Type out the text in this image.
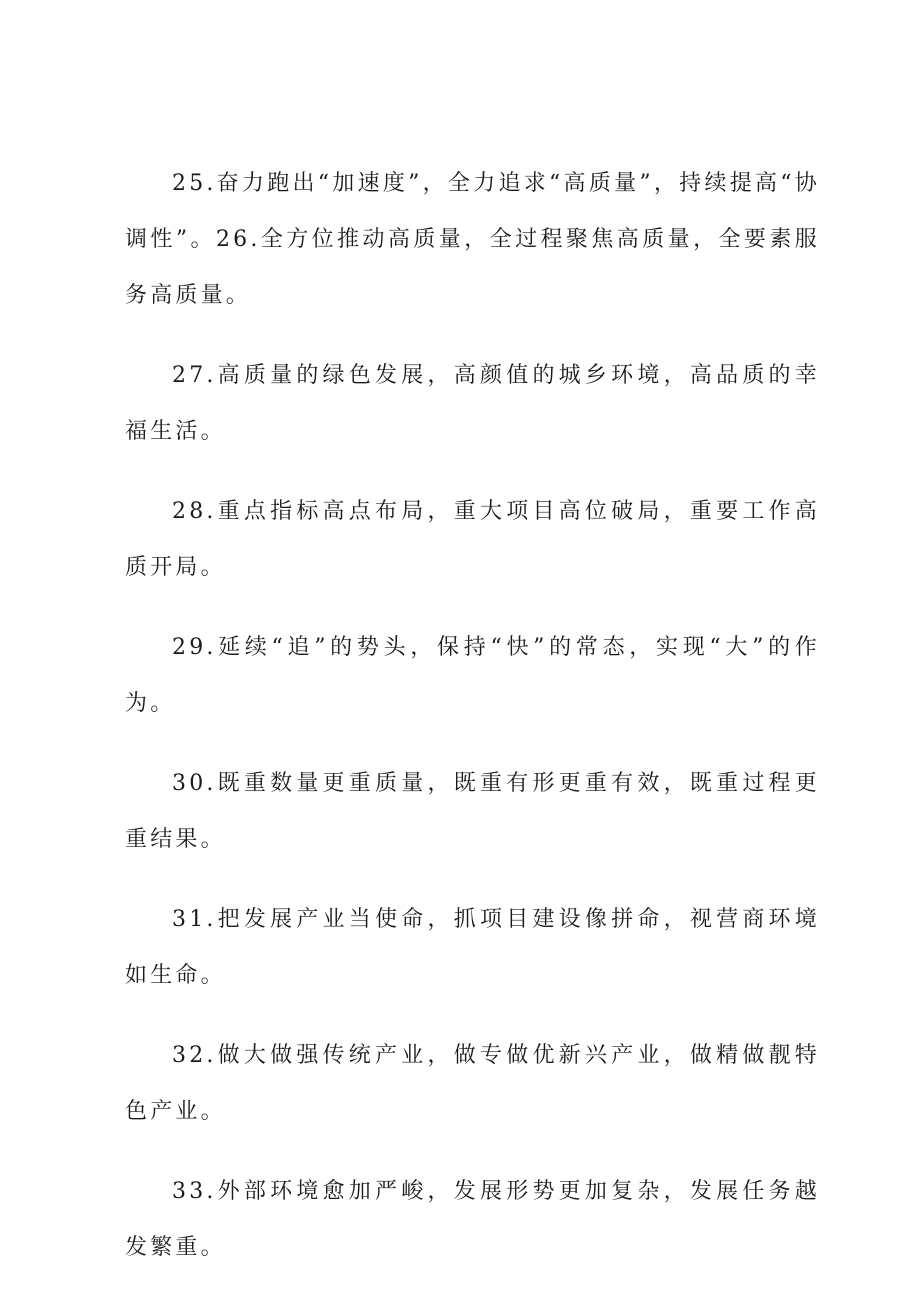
25.奋力跑出“加速度”，全力追求“高质量”，持续提高“协调性”。26.全方位推动高质量，全过程聚焦高质量，全要素服务高质量。

27.高质量的绿色发展，高颜值的城乡环境，高品质的幸福生活。

28.重点指标高点布局，重大项目高位破局，重要工作高质开局。

29.延续“追”的势头，保持“快”的常态，实现“大”的作为。

30.既重数量更重质量，既重有形更重有效，既重过程更重结果。

31.把发展产业当使命，抓项目建设像拼命，视营商环境如生命。

32.做大做强传统产业，做专做优新兴产业，做精做靓特色产业。

33.外部环境愈加严峻，发展形势更加复杂，发展任务越发繁重。
